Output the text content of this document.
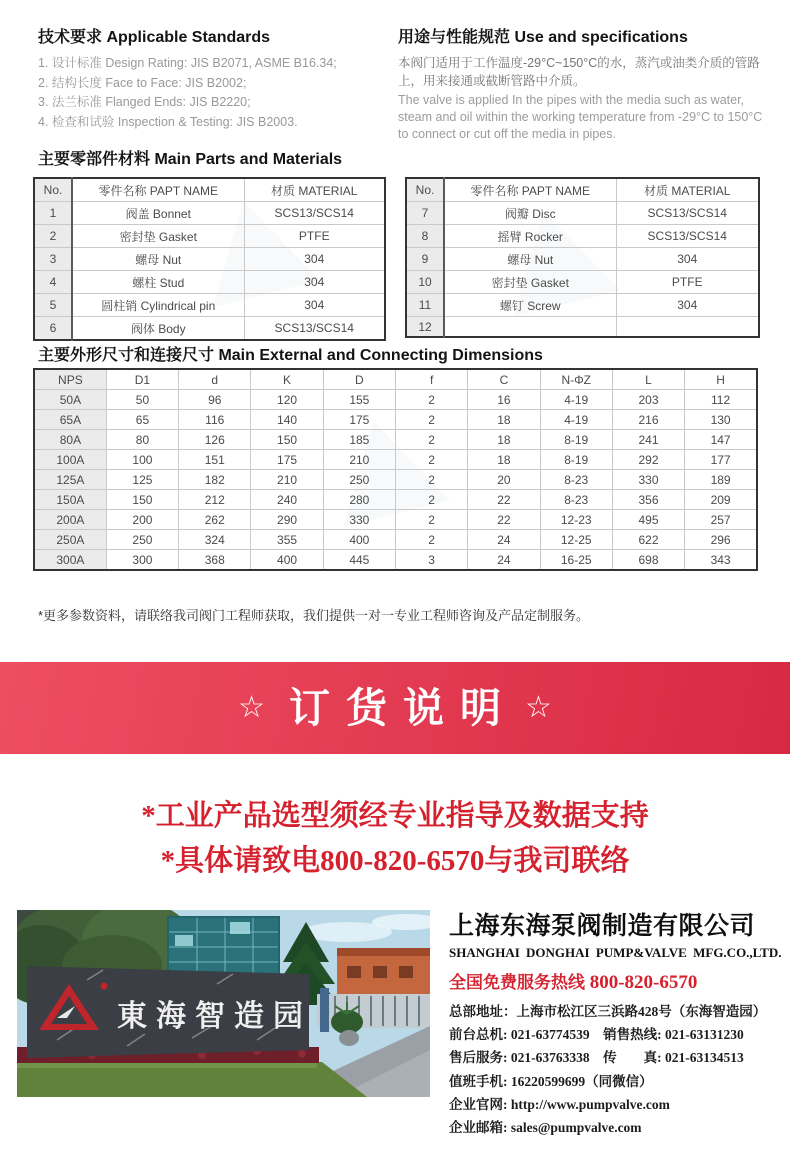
技术要求 Applicable Standards
1. 设计标准 Design Rating: JIS B2071, ASME B16.34;
2. 结构长度 Face to Face: JIS B2002;
3. 法兰标准 Flanged Ends: JIS B2220;
4. 检查和试验 Inspection & Testing: JIS B2003.
用途与性能规范 Use and specifications

本阀门适用于工作温度-29°C~150°C的水，蒸汽或油类介质的管路上，用来接通或截断管路中介质。

The valve is applied In the pipes with the media such as water, steam and oil within the working temperature from -29°C to 150°C to connect or cut off the media in pipes.

主要零部件材料 Main Parts and Materials
No.	零件名称 PAPT NAME	材质 MATERIAL
1	阀盖 Bonnet	SCS13/SCS14
2	密封垫 Gasket	PTFE
3	螺母 Nut	304
4	螺柱 Stud	304
5	圆柱销 Cylindrical pin	304
6	阀体 Body	SCS13/SCS14
No.	零件名称 PAPT NAME	材质 MATERIAL
7	阀瓣 Disc	SCS13/SCS14
8	摇臂 Rocker	SCS13/SCS14
9	螺母 Nut	304
10	密封垫 Gasket	PTFE
11	螺钉 Screw	304
12		
主要外形尺寸和连接尺寸 Main External and Connecting Dimensions
NPS	D1	d	K	D	f	C	N-ΦZ	L	H
50A	50	96	120	155	2	16	4-19	203	112
65A	65	116	140	175	2	18	4-19	216	130
80A	80	126	150	185	2	18	8-19	241	147
100A	100	151	175	210	2	18	8-19	292	177
125A	125	182	210	250	2	20	8-23	330	189
150A	150	212	240	280	2	22	8-23	356	209
200A	200	262	290	330	2	22	12-23	495	257
250A	250	324	355	400	2	24	12-25	622	296
300A	300	368	400	445	3	24	16-25	698	343

*更多参数资料，请联络我司阀门工程师获取，我们提供一对一专业工程师咨询及产品定制服务。

☆ 订货说明 ☆
*工业产品选型须经专业指导及数据支持
*具体请致电800-820-6570与我司联络
東海智造园
上海东海泵阀制造有限公司
SHANGHAI DONGHAI PUMP&VALVE MFG.CO.,LTD.
全国免费服务热线 800-820-6570
总部地址：上海市松江区三浜路428号（东海智造园）
前台总机: 021-63774539　销售热线: 021-63131230
售后服务: 021-63763338　传　　真: 021-63134513
值班手机: 16220599699（同微信）
企业官网: http://www.pumpvalve.com
企业邮箱: sales@pumpvalve.com
